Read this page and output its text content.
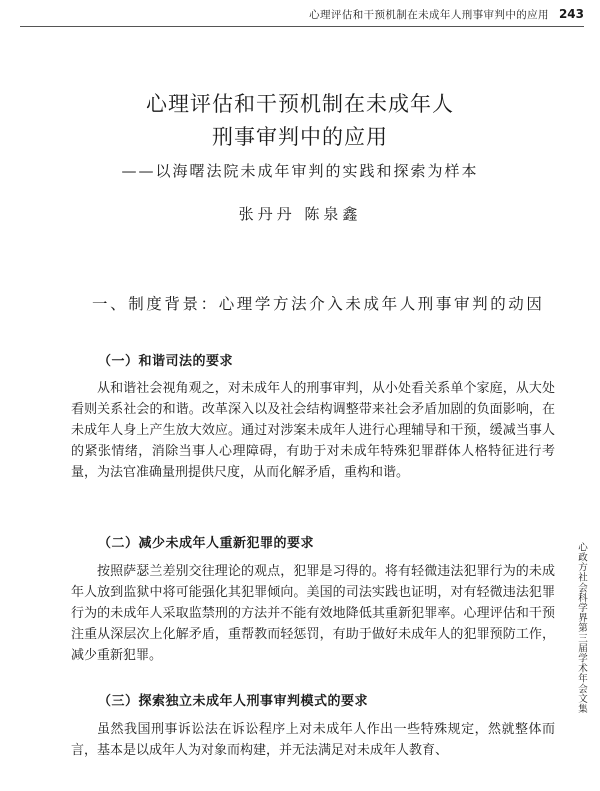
心理评估和干预机制在未成年人刑事审判中的应用 243
心理评估和干预机制在未成年人
刑事审判中的应用
——以海曙法院未成年审判的实践和探索为样本
张丹丹 陈泉鑫
一、制度背景：心理学方法介入未成年人刑事审判的动因
（一）和谐司法的要求

从和谐社会视角观之，对未成年人的刑事审判，从小处看关系单个家庭，从大处看则关系社会的和谐。改革深入以及社会结构调整带来社会矛盾加剧的负面影响，在未成年人身上产生放大效应。通过对涉案未成年人进行心理辅导和干预，缓减当事人的紧张情绪，消除当事人心理障碍，有助于对未成年特殊犯罪群体人格特征进行考量，为法官准确量刑提供尺度，从而化解矛盾，重构和谐。

（二）减少未成年人重新犯罪的要求

按照萨瑟兰差别交往理论的观点，犯罪是习得的。将有轻微违法犯罪行为的未成年人放到监狱中将可能强化其犯罪倾向。美国的司法实践也证明，对有轻微违法犯罪行为的未成年人采取监禁刑的方法并不能有效地降低其重新犯罪率。心理评估和干预注重从深层次上化解矛盾，重帮教而轻惩罚，有助于做好未成年人的犯罪预防工作，减少重新犯罪。

（三）探索独立未成年人刑事审判模式的要求

虽然我国刑事诉讼法在诉讼程序上对未成年人作出一些特殊规定，然就整体而言，基本是以成年人为对象而构建，并无法满足对未成年人教育、

心政方社会科学界第三届学术年会文集
